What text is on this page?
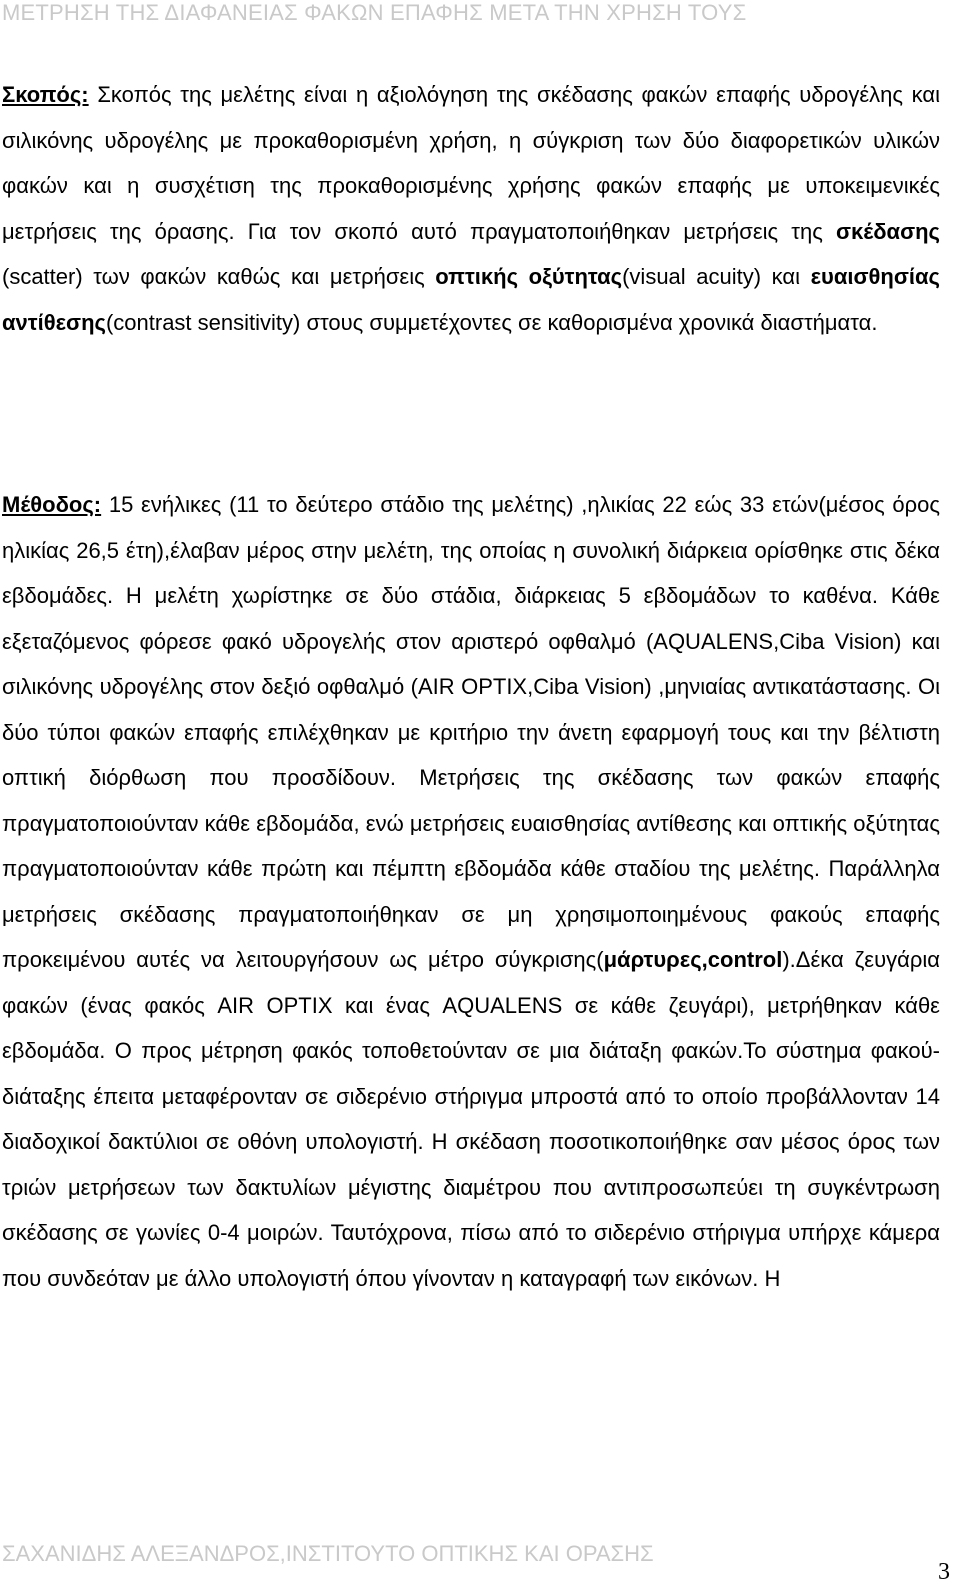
ΜΕΤΡΗΣΗ ΤΗΣ ΔΙΑΦΑΝΕΙΑΣ ΦΑΚΩΝ ΕΠΑΦΗΣ ΜΕΤΑ ΤΗΝ ΧΡΗΣΗ ΤΟΥΣ

Σκοπός: Σκοπός της μελέτης είναι η αξιολόγηση της σκέδασης φακών επαφής υδρογέλης και σιλικόνης υδρογέλης με προκαθορισμένη χρήση, η σύγκριση των δύο διαφορετικών υλικών φακών και η συσχέτιση της προκαθορισμένης χρήσης φακών επαφής με υποκειμενικές μετρήσεις της όρασης. Για τον σκοπό αυτό πραγματοποιήθηκαν μετρήσεις της σκέδασης (scatter) των φακών καθώς και μετρήσεις οπτικής οξύτητας(visual acuity) και ευαισθησίας αντίθεσης(contrast sensitivity) στους συμμετέχοντες σε καθορισμένα χρονικά διαστήματα.

Μέθοδος: 15 ενήλικες (11 το δεύτερο στάδιο της μελέτης) ,ηλικίας 22 εώς 33 ετών(μέσος όρος ηλικίας 26,5 έτη),έλαβαν μέρος στην μελέτη, της οποίας η συνολική διάρκεια ορίσθηκε στις δέκα εβδομάδες. Η μελέτη χωρίστηκε σε δύο στάδια, διάρκειας 5 εβδομάδων το καθένα. Κάθε εξεταζόμενος φόρεσε φακό υδρογελής στον αριστερό οφθαλμό (AQUALENS,Ciba Vision) και σιλικόνης υδρογέλης στον δεξιό οφθαλμό (AIR OPTIX,Ciba Vision) ,μηνιαίας αντικατάστασης. Οι δύο τύποι φακών επαφής επιλέχθηκαν με κριτήριο την άνετη εφαρμογή τους και την βέλτιστη οπτική διόρθωση που προσδίδουν. Μετρήσεις της σκέδασης των φακών επαφής πραγματοποιούνταν κάθε εβδομάδα, ενώ μετρήσεις ευαισθησίας αντίθεσης και οπτικής οξύτητας πραγματοποιούνταν κάθε πρώτη και πέμπτη εβδομάδα κάθε σταδίου της μελέτης. Παράλληλα μετρήσεις σκέδασης πραγματοποιήθηκαν σε μη χρησιμοποιημένους φακούς επαφής προκειμένου αυτές να λειτουργήσουν ως μέτρο σύγκρισης(μάρτυρες,control).Δέκα ζευγάρια φακών (ένας φακός AIR OPTIX και ένας AQUALENS σε κάθε ζευγάρι), μετρήθηκαν κάθε εβδομάδα. Ο προς μέτρηση φακός τοποθετούνταν σε μια διάταξη φακών.Το σύστημα φακού-διάταξης έπειτα μεταφέρονταν σε σιδερένιο στήριγμα μπροστά από το οποίο προβάλλονταν 14 διαδοχικοί δακτύλιοι σε οθόνη υπολογιστή. Η σκέδαση ποσοτικοποιήθηκε σαν μέσος όρος των τριών μετρήσεων των δακτυλίων μέγιστης διαμέτρου που αντιπροσωπεύει τη συγκέντρωση σκέδασης σε γωνίες 0-4 μοιρών. Ταυτόχρονα, πίσω από το σιδερένιο στήριγμα υπήρχε κάμερα που συνδεόταν με άλλο υπολογιστή όπου γίνονταν η καταγραφή των εικόνων. Η

ΣΑΧΑΝΙΔΗΣ ΑΛΕΞΑΝΔΡΟΣ,ΙΝΣΤΙΤΟΥΤΟ ΟΠΤΙΚΗΣ ΚΑΙ ΟΡΑΣΗΣ
3
